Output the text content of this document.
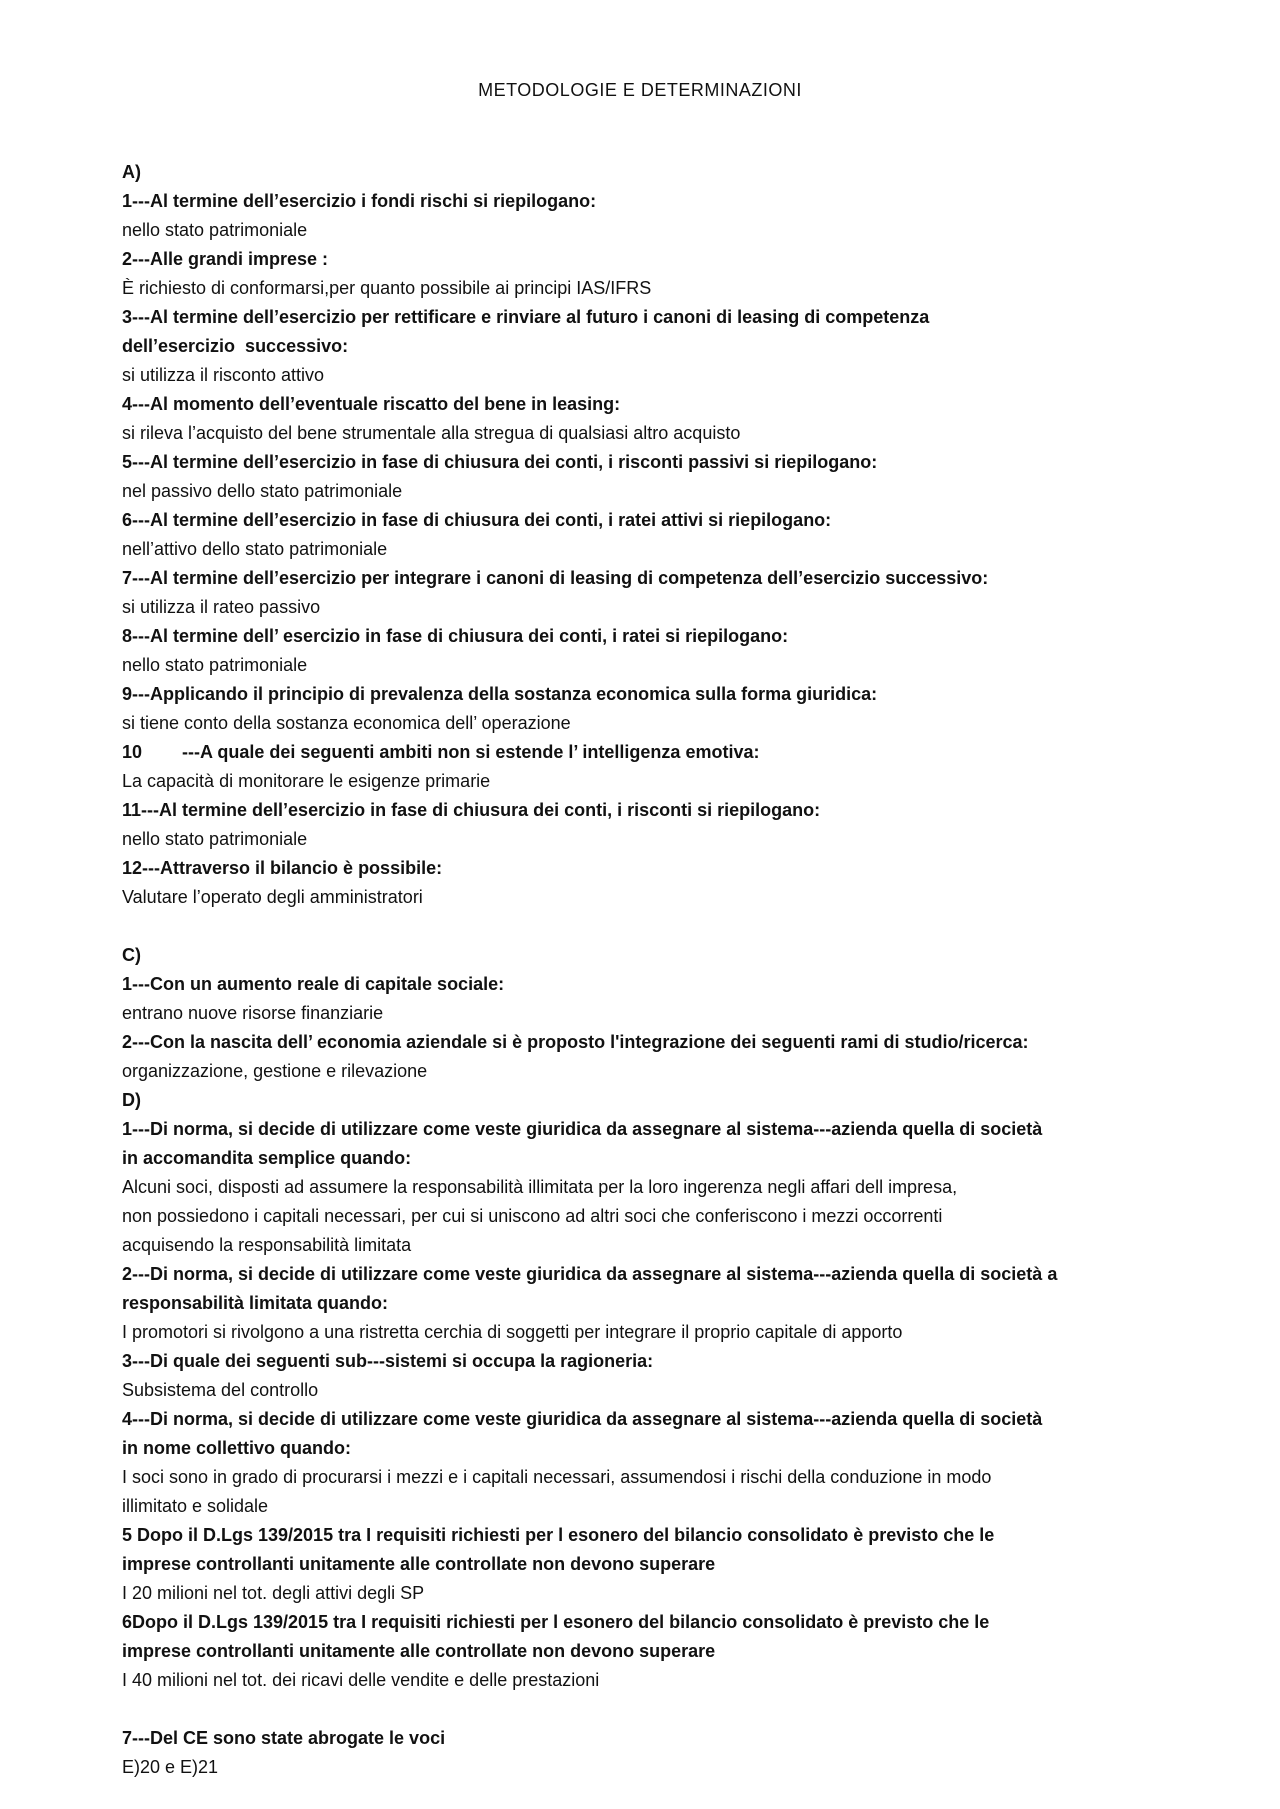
METODOLOGIE E DETERMINAZIONI
A)
1---Al termine dell’esercizio i fondi rischi si riepilogano:
nello stato patrimoniale
2---Alle grandi imprese :
È richiesto di conformarsi,per quanto possibile ai principi IAS/IFRS
3---Al termine dell’esercizio per rettificare e rinviare al futuro i canoni di leasing di competenza
dell’esercizio  successivo:
si utilizza il risconto attivo
4---Al momento dell’eventuale riscatto del bene in leasing:
si rileva l’acquisto del bene strumentale alla stregua di qualsiasi altro acquisto
5---Al termine dell’esercizio in fase di chiusura dei conti, i risconti passivi si riepilogano:
nel passivo dello stato patrimoniale
6---Al termine dell’esercizio in fase di chiusura dei conti, i ratei attivi si riepilogano:
nell’attivo dello stato patrimoniale
7---Al termine dell’esercizio per integrare i canoni di leasing di competenza dell’esercizio successivo:
si utilizza il rateo passivo
8---Al termine dell’ esercizio in fase di chiusura dei conti, i ratei si riepilogano:
nello stato patrimoniale
9---Applicando il principio di prevalenza della sostanza economica sulla forma giuridica:
si tiene conto della sostanza economica dell’ operazione
10        ---A quale dei seguenti ambiti non si estende l’ intelligenza emotiva:
La capacità di monitorare le esigenze primarie
11---Al termine dell’esercizio in fase di chiusura dei conti, i risconti si riepilogano:
nello stato patrimoniale
12---Attraverso il bilancio è possibile:
Valutare l’operato degli amministratori
C)
1---Con un aumento reale di capitale sociale:
entrano nuove risorse finanziarie
2---Con la nascita dell’ economia aziendale si è proposto l'integrazione dei seguenti rami di studio/ricerca:
organizzazione, gestione e rilevazione
D)
1---Di norma, si decide di utilizzare come veste giuridica da assegnare al sistema---azienda quella di società
in accomandita semplice quando:
Alcuni soci, disposti ad assumere la responsabilità illimitata per la loro ingerenza negli affari dell impresa,
non possiedono i capitali necessari, per cui si uniscono ad altri soci che conferiscono i mezzi occorrenti
acquisendo la responsabilità limitata
2---Di norma, si decide di utilizzare come veste giuridica da assegnare al sistema---azienda quella di società a
responsabilità limitata quando:
I promotori si rivolgono a una ristretta cerchia di soggetti per integrare il proprio capitale di apporto
3---Di quale dei seguenti sub---sistemi si occupa la ragioneria:
Subsistema del controllo
4---Di norma, si decide di utilizzare come veste giuridica da assegnare al sistema---azienda quella di società
in nome collettivo quando:
I soci sono in grado di procurarsi i mezzi e i capitali necessari, assumendosi i rischi della conduzione in modo
illimitato e solidale
5 Dopo il D.Lgs 139/2015 tra I requisiti richiesti per l esonero del bilancio consolidato è previsto che le
imprese controllanti unitamente alle controllate non devono superare
I 20 milioni nel tot. degli attivi degli SP
6Dopo il D.Lgs 139/2015 tra I requisiti richiesti per l esonero del bilancio consolidato è previsto che le
imprese controllanti unitamente alle controllate non devono superare
I 40 milioni nel tot. dei ricavi delle vendite e delle prestazioni
7---Del CE sono state abrogate le voci
E)20 e E)21
